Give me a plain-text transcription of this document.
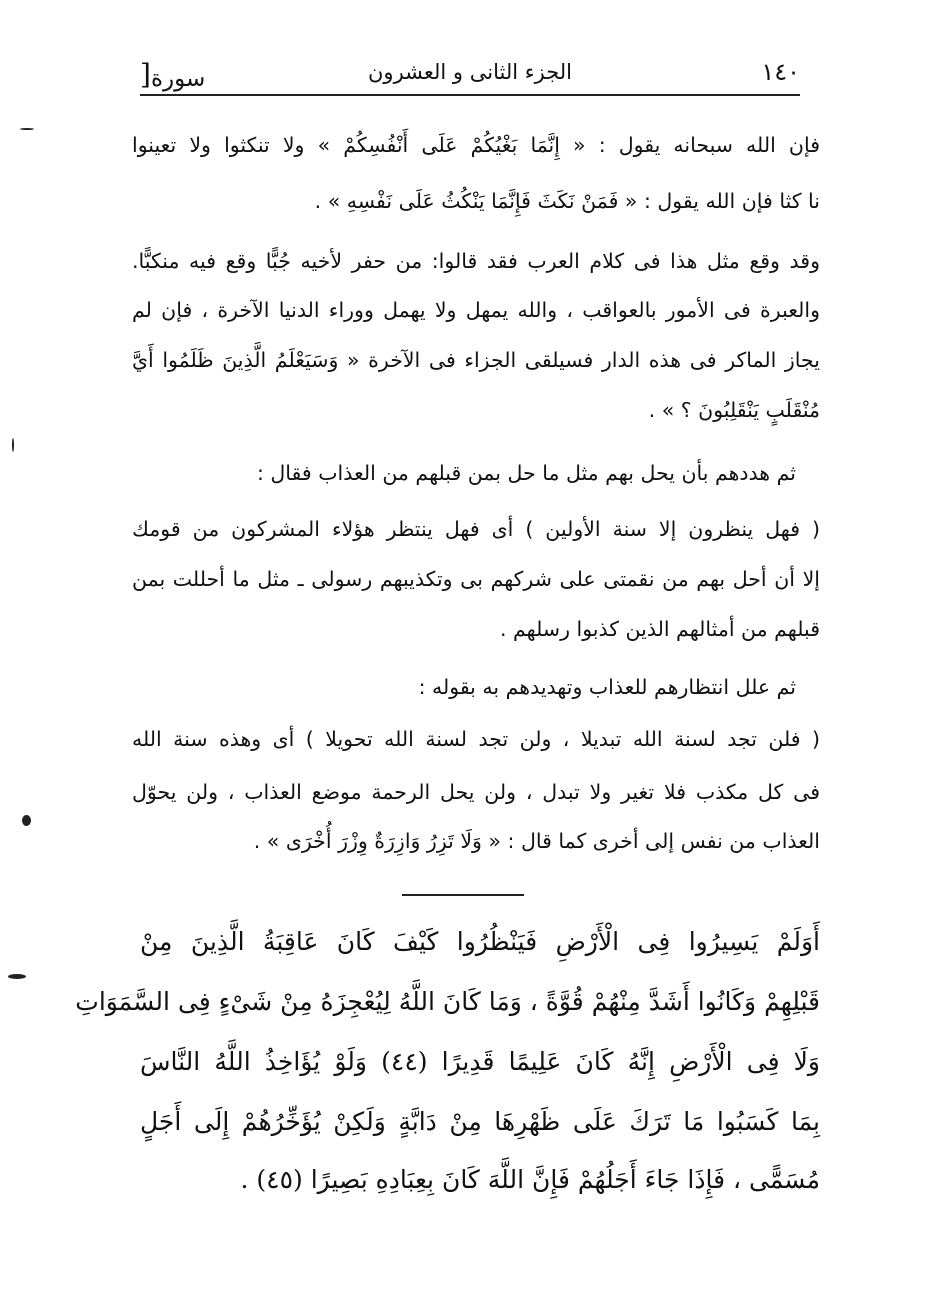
١٤٠
الجزء الثانى و العشرون
سورة[
فإن الله سبحانه يقول : « إِنَّمَا بَغْيُكُمْ عَلَى أَنْفُسِكُمْ » ولا تنكثوا ولا تعينوا
نا كثا فإن الله يقول : « فَمَنْ نَكَثَ فَإِنَّمَا يَنْكُثُ عَلَى نَفْسِهِ » .
وقد وقع مثل هذا فى كلام العرب فقد قالوا: من حفر لأخيه جُبًّا وقع فيه منكبًّا.
والعبرة فى الأمور بالعواقب ، والله يمهل ولا يهمل ووراء الدنيا الآخرة ، فإن لم
يجاز الماكر فى هذه الدار فسيلقى الجزاء فى الآخرة « وَسَيَعْلَمُ الَّذِينَ ظَلَمُوا أَيَّ
مُنْقَلَبٍ يَنْقَلِبُونَ ؟ » .
ثم هددهم بأن يحل بهم مثل ما حل بمن قبلهم من العذاب فقال :
( فهل ينظرون إلا سنة الأولين ) أى فهل ينتظر هؤلاء المشركون من قومك
إلا أن أحل بهم من نقمتى على شركهم بى وتكذيبهم رسولى ـ مثل ما أحللت بمن
قبلهم من أمثالهم الذين كذبوا رسلهم .
ثم علل انتظارهم للعذاب وتهديدهم به بقوله :
( فلن تجد لسنة الله تبديلا ، ولن تجد لسنة الله تحويلا ) أى وهذه سنة الله
فى كل مكذب فلا تغير ولا تبدل ، ولن يحل الرحمة موضع العذاب ، ولن يحوّل
العذاب من نفس إلى أخرى كما قال : « وَلَا تَزِرُ وَازِرَةٌ وِزْرَ أُخْرَى » .
أَوَلَمْ يَسِيرُوا فِى الْأَرْضِ فَيَنْظُرُوا كَيْفَ كَانَ عَاقِبَةُ الَّذِينَ مِنْ
قَبْلِهِمْ وَكَانُوا أَشَدَّ مِنْهُمْ قُوَّةً ، وَمَا كَانَ اللَّهُ لِيُعْجِزَهُ مِنْ شَىْءٍ فِى السَّمَوَاتِ
وَلَا فِى الْأَرْضِ إِنَّهُ كَانَ عَلِيمًا قَدِيرًا (٤٤) وَلَوْ يُؤَاخِذُ اللَّهُ النَّاسَ
بِمَا كَسَبُوا مَا تَرَكَ عَلَى ظَهْرِهَا مِنْ دَابَّةٍ وَلَكِنْ يُؤَخِّرُهُمْ إِلَى أَجَلٍ
مُسَمًّى ، فَإِذَا جَاءَ أَجَلُهُمْ فَإِنَّ اللَّهَ كَانَ بِعِبَادِهِ بَصِيرًا (٤٥) .
